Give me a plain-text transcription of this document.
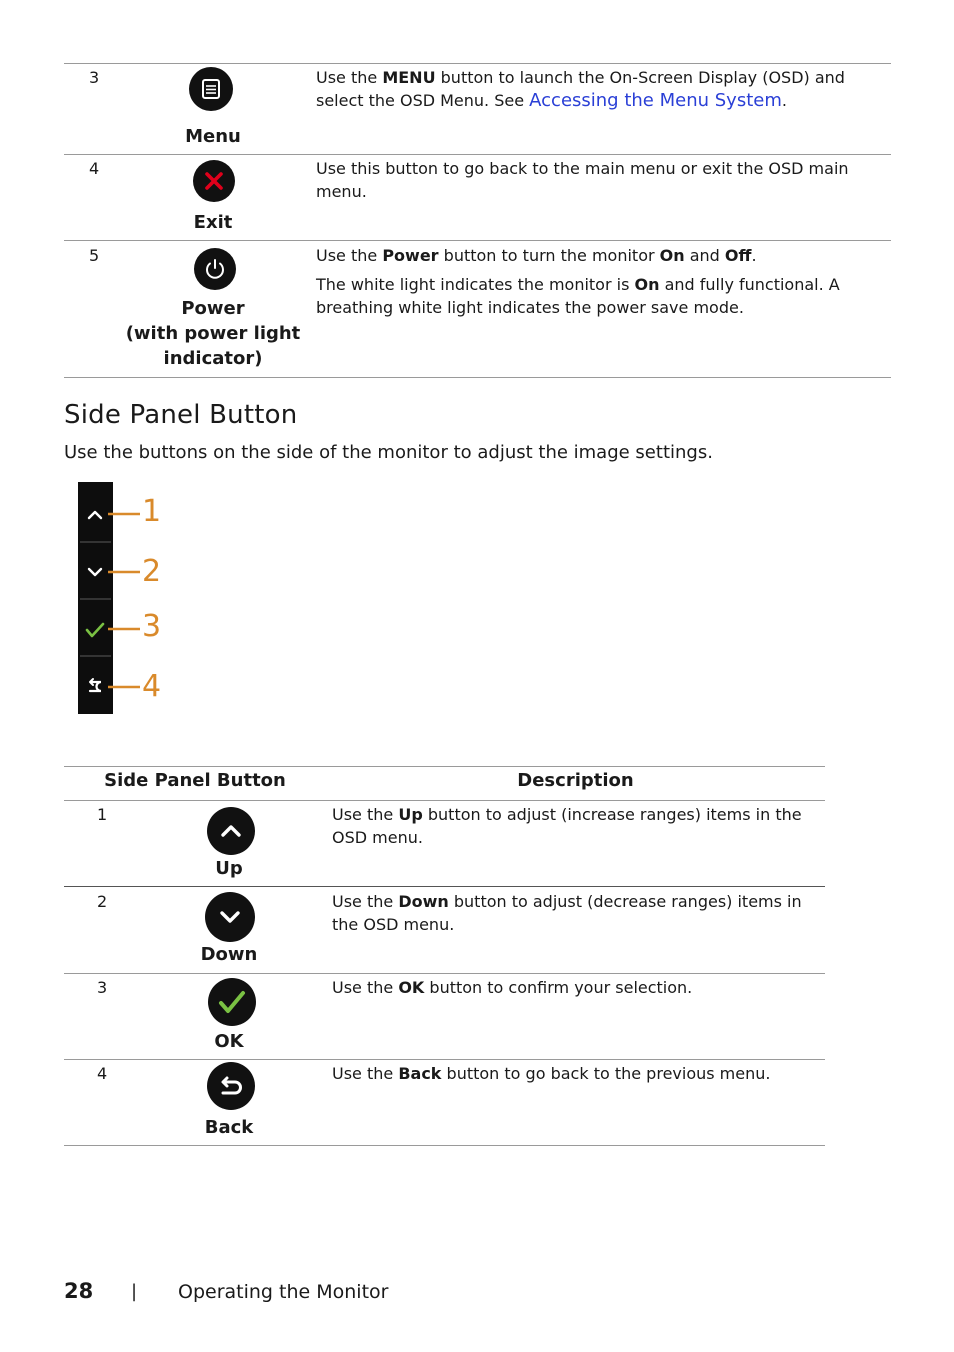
3
Menu
Use the MENU button to launch the On-Screen Display (OSD) and select the OSD Menu. See Accessing the Menu System.
4
Exit
Use this button to go back to the main menu or exit the OSD main menu.
5
Power
(with power light
indicator)

Use the Power button to turn the monitor On and Off.

The white light indicates the monitor is On and fully functional. A breathing white light indicates the power save mode.

Side Panel Button
Use the buttons on the side of the monitor to adjust the image settings.
1
2
3
4
Side Panel Button	Description
1
Up
Use the Up button to adjust (increase ranges) items in the OSD menu.
2
Down
Use the Down button to adjust (decrease ranges) items in the OSD menu.
3
OK
Use the OK button to confirm your selection.
4
Back
Use the Back button to go back to the previous menu.
28 | Operating the Monitor
